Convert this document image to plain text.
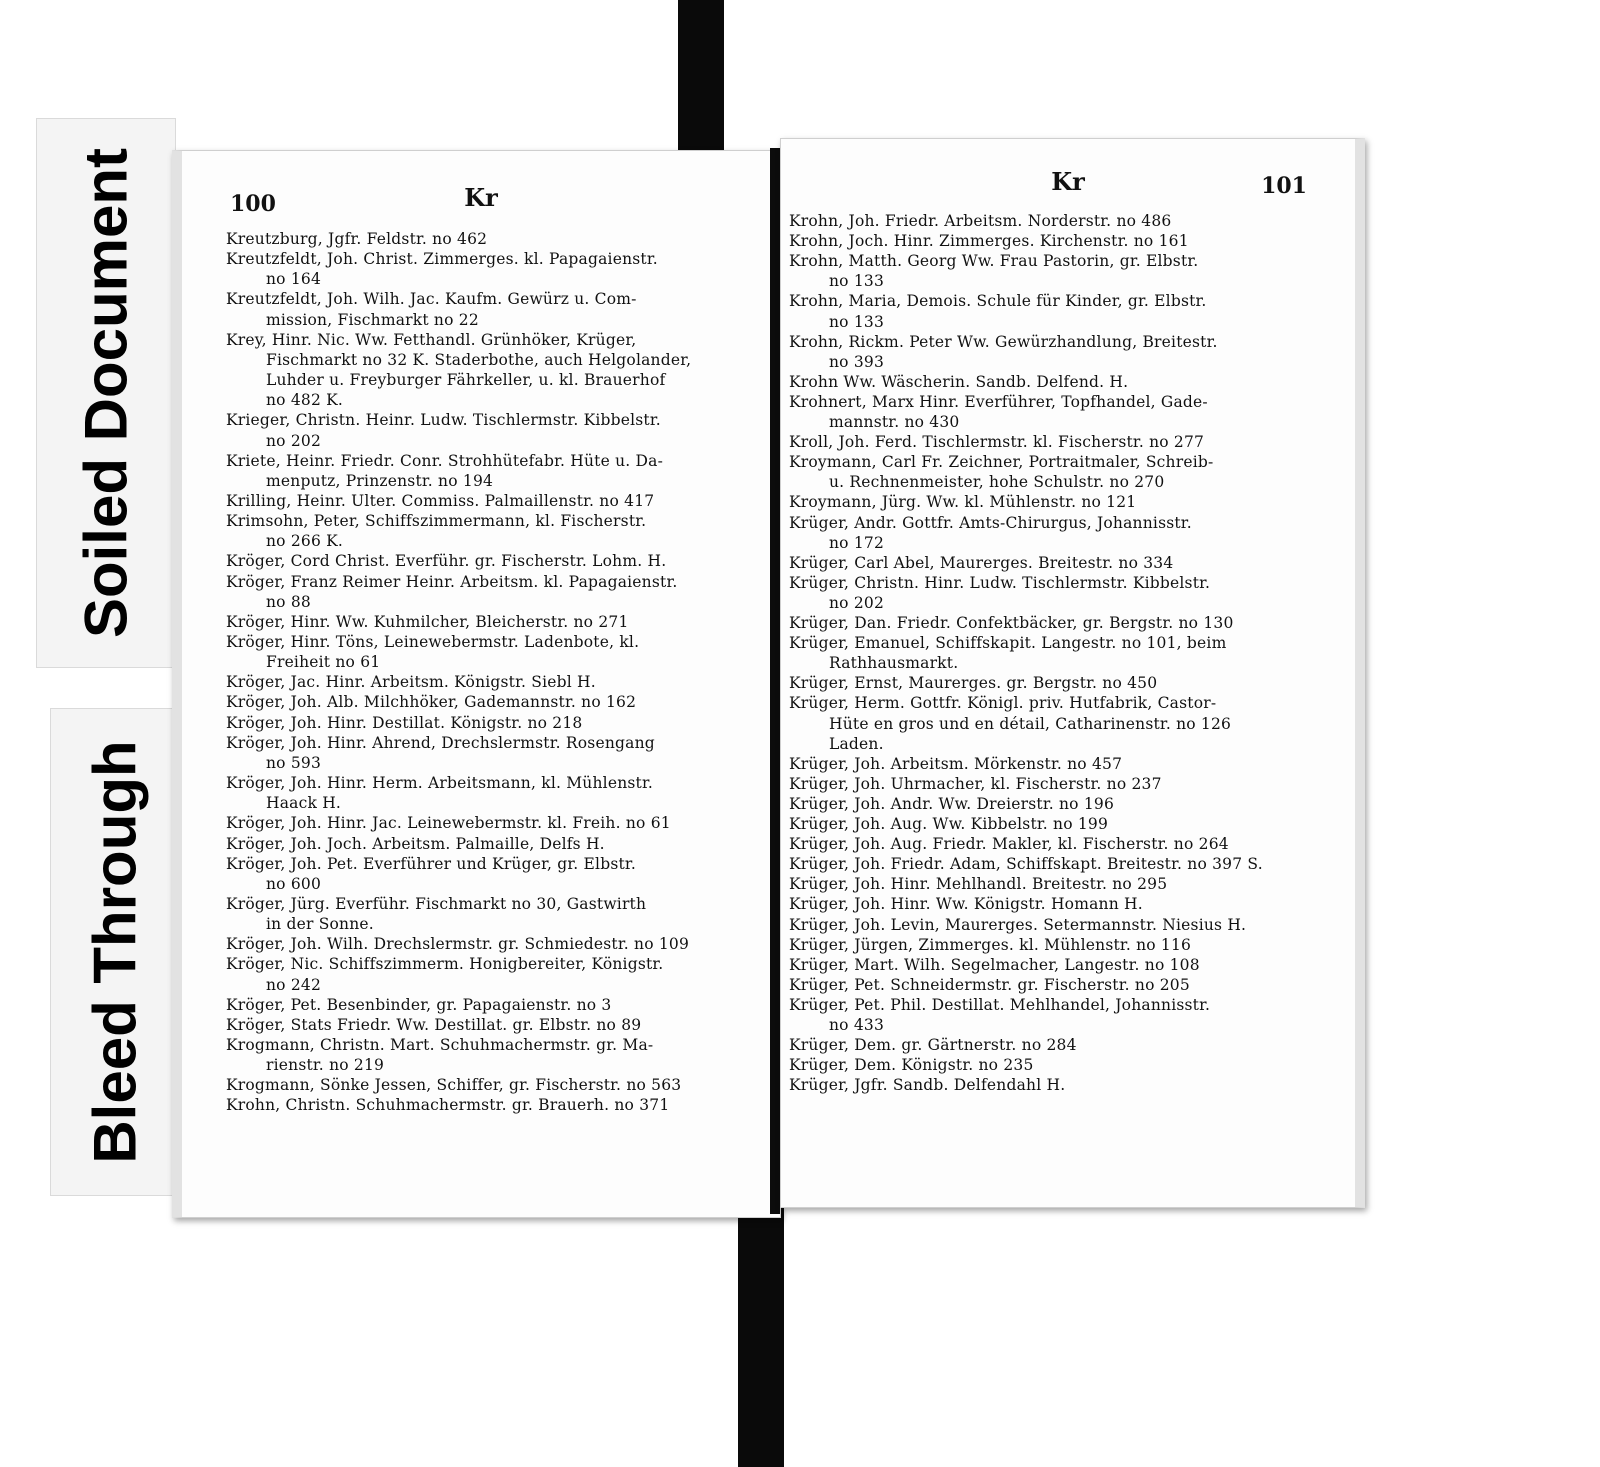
Soiled Document
Bleed Through
100	Kr
Kreutzburg, Jgfr. Feldstr. no 462
Kreutzfeldt, Joh. Christ. Zimmerges. kl. Papagaienstr.
no 164
Kreutzfeldt, Joh. Wilh. Jac. Kaufm. Gewürz u. Com-
mission, Fischmarkt no 22
Krey, Hinr. Nic. Ww. Fetthandl. Grünhöker, Krüger,
Fischmarkt no 32 K. Staderbothe, auch Helgolander,
Luhder u. Freyburger Fährkeller, u. kl. Brauerhof
no 482 K.
Krieger, Christn. Heinr. Ludw. Tischlermstr. Kibbelstr.
no 202
Kriete, Heinr. Friedr. Conr. Strohhütefabr. Hüte u. Da-
menputz, Prinzenstr. no 194
Krilling, Heinr. Ulter. Commiss. Palmaillenstr. no 417
Krimsohn, Peter, Schiffszimmermann, kl. Fischerstr.
no 266 K.
Kröger, Cord Christ. Everführ. gr. Fischerstr. Lohm. H.
Kröger, Franz Reimer Heinr. Arbeitsm. kl. Papagaienstr.
no 88
Kröger, Hinr. Ww. Kuhmilcher, Bleicherstr. no 271
Kröger, Hinr. Töns, Leinewebermstr. Ladenbote, kl.
Freiheit no 61
Kröger, Jac. Hinr. Arbeitsm. Königstr. Siebl H.
Kröger, Joh. Alb. Milchhöker, Gademannstr. no 162
Kröger, Joh. Hinr. Destillat. Königstr. no 218
Kröger, Joh. Hinr. Ahrend, Drechslermstr. Rosengang
no 593
Kröger, Joh. Hinr. Herm. Arbeitsmann, kl. Mühlenstr.
Haack H.
Kröger, Joh. Hinr. Jac. Leinewebermstr. kl. Freih. no 61
Kröger, Joh. Joch. Arbeitsm. Palmaille, Delfs H.
Kröger, Joh. Pet. Everführer und Krüger, gr. Elbstr.
no 600
Kröger, Jürg. Everführ. Fischmarkt no 30, Gastwirth
in der Sonne.
Kröger, Joh. Wilh. Drechslermstr. gr. Schmiedestr. no 109
Kröger, Nic. Schiffszimmerm. Honigbereiter, Königstr.
no 242
Kröger, Pet. Besenbinder, gr. Papagaienstr. no 3
Kröger, Stats Friedr. Ww. Destillat. gr. Elbstr. no 89
Krogmann, Christn. Mart. Schuhmachermstr. gr. Ma-
rienstr. no 219
Krogmann, Sönke Jessen, Schiffer, gr. Fischerstr. no 563
Krohn, Christn. Schuhmachermstr. gr. Brauerh. no 371
Kr	101
Krohn, Joh. Friedr. Arbeitsm. Norderstr. no 486
Krohn, Joch. Hinr. Zimmerges. Kirchenstr. no 161
Krohn, Matth. Georg Ww. Frau Pastorin, gr. Elbstr.
no 133
Krohn, Maria, Demois. Schule für Kinder, gr. Elbstr.
no 133
Krohn, Rickm. Peter Ww. Gewürzhandlung, Breitestr.
no 393
Krohn Ww. Wäscherin. Sandb. Delfend. H.
Krohnert, Marx Hinr. Everführer, Topfhandel, Gade-
mannstr. no 430
Kroll, Joh. Ferd. Tischlermstr. kl. Fischerstr. no 277
Kroymann, Carl Fr. Zeichner, Portraitmaler, Schreib-
u. Rechnenmeister, hohe Schulstr. no 270
Kroymann, Jürg. Ww. kl. Mühlenstr. no 121
Krüger, Andr. Gottfr. Amts-Chirurgus, Johannisstr.
no 172
Krüger, Carl Abel, Maurerges. Breitestr. no 334
Krüger, Christn. Hinr. Ludw. Tischlermstr. Kibbelstr.
no 202
Krüger, Dan. Friedr. Confektbäcker, gr. Bergstr. no 130
Krüger, Emanuel, Schiffskapit. Langestr. no 101, beim
Rathhausmarkt.
Krüger, Ernst, Maurerges. gr. Bergstr. no 450
Krüger, Herm. Gottfr. Königl. priv. Hutfabrik, Castor-
Hüte en gros und en détail, Catharinenstr. no 126
Laden.
Krüger, Joh. Arbeitsm. Mörkenstr. no 457
Krüger, Joh. Uhrmacher, kl. Fischerstr. no 237
Krüger, Joh. Andr. Ww. Dreierstr. no 196
Krüger, Joh. Aug. Ww. Kibbelstr. no 199
Krüger, Joh. Aug. Friedr. Makler, kl. Fischerstr. no 264
Krüger, Joh. Friedr. Adam, Schiffskapt. Breitestr. no 397 S.
Krüger, Joh. Hinr. Mehlhandl. Breitestr. no 295
Krüger, Joh. Hinr. Ww. Königstr. Homann H.
Krüger, Joh. Levin, Maurerges. Setermannstr. Niesius H.
Krüger, Jürgen, Zimmerges. kl. Mühlenstr. no 116
Krüger, Mart. Wilh. Segelmacher, Langestr. no 108
Krüger, Pet. Schneidermstr. gr. Fischerstr. no 205
Krüger, Pet. Phil. Destillat. Mehlhandel, Johannisstr.
no 433
Krüger, Dem. gr. Gärtnerstr. no 284
Krüger, Dem. Königstr. no 235
Krüger, Jgfr. Sandb. Delfendahl H.
